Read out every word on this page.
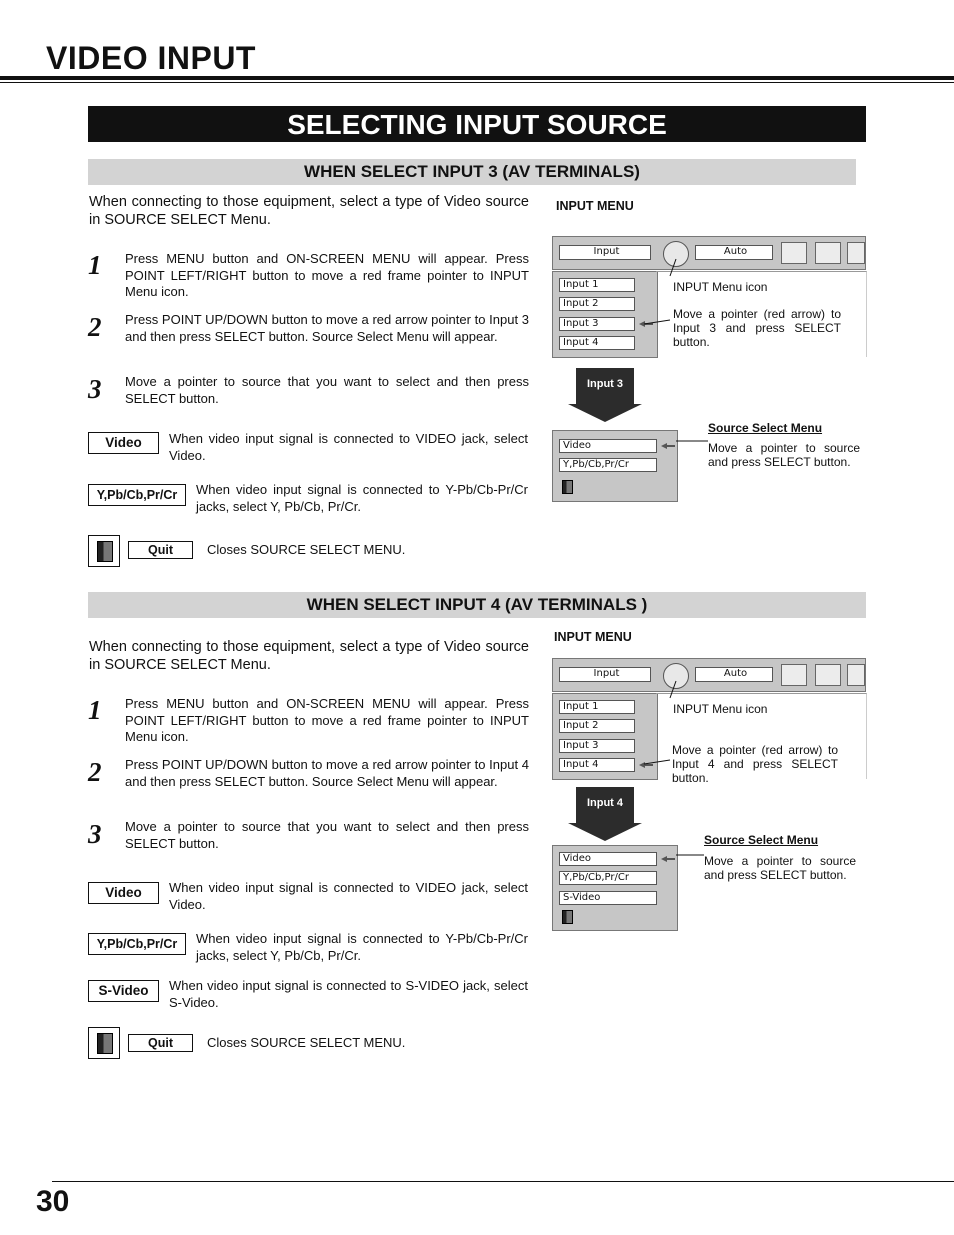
VIDEO INPUT
SELECTING INPUT SOURCE
WHEN SELECT INPUT 3 (AV TERMINALS)
When connecting to those equipment, select a type of Video source in SOURCE SELECT Menu.
1 Press MENU button and ON-SCREEN MENU will appear. Press POINT LEFT/RIGHT button to move a red frame pointer to INPUT Menu icon.
2 Press POINT UP/DOWN button to move a red arrow pointer to Input 3 and then press SELECT button. Source Select Menu will appear.
3 Move a pointer to source that you want to select and then press SELECT button.
Video	When video input signal is connected to VIDEO jack, select Video.
Y,Pb/Cb,Pr/Cr	When video input signal is connected to Y-Pb/Cb-Pr/Cr jacks, select Y, Pb/Cb, Pr/Cr.
Quit	Closes SOURCE SELECT MENU.
INPUT MENU
Input	Auto
Input 1
Input 2
Input 3
Input 4
INPUT Menu icon
Move a pointer (red arrow) to Input 3 and press SELECT button.
Input 3
Source Select Menu
Move a pointer to source and press SELECT button.
Video
Y,Pb/Cb,Pr/Cr
WHEN SELECT INPUT 4 (AV TERMINALS )
When connecting to those equipment, select a type of Video source in SOURCE SELECT Menu.
1 Press MENU button and ON-SCREEN MENU will appear. Press POINT LEFT/RIGHT button to move a red frame pointer to INPUT Menu icon.
2 Press POINT UP/DOWN button to move a red arrow pointer to Input 4 and then press SELECT button. Source Select Menu will appear.
3 Move a pointer to source that you want to select and then press SELECT button.
Video	When video input signal is connected to VIDEO jack, select Video.
Y,Pb/Cb,Pr/Cr	When video input signal is connected to Y-Pb/Cb-Pr/Cr jacks, select Y, Pb/Cb, Pr/Cr.
S-Video	When video input signal is connected to S-VIDEO jack, select S-Video.
Quit	Closes SOURCE SELECT MENU.
INPUT MENU
Input	Auto
Input 1
Input 2
Input 3
Input 4
INPUT Menu icon
Move a pointer (red arrow) to Input 4 and press SELECT button.
Input 4
Source Select Menu
Move a pointer to source and press SELECT button.
Video
Y,Pb/Cb,Pr/Cr
S-Video
30
